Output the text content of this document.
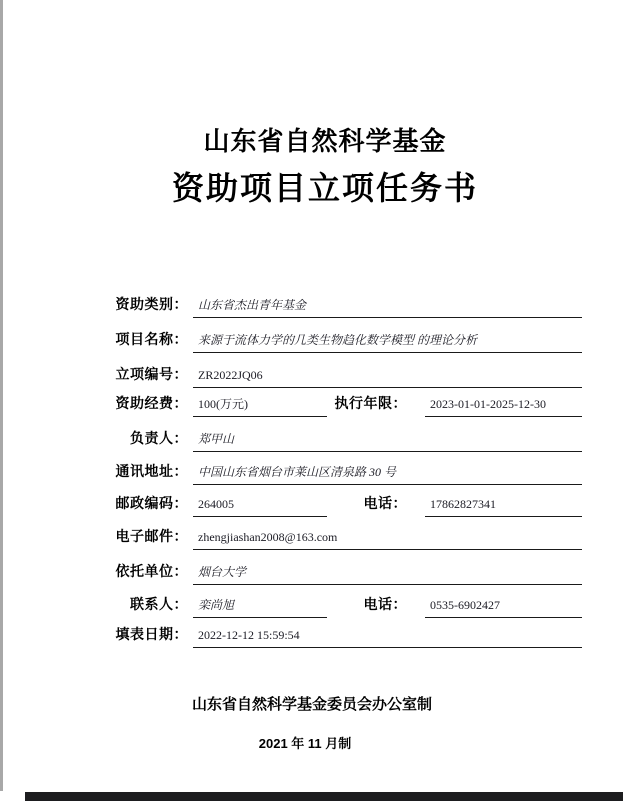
山东省自然科学基金
资助项目立项任务书
资助类别： 山东省杰出青年基金
项目名称： 来源于流体力学的几类生物趋化数学模型 的理论分析
立项编号： ZR2022JQ06
资助经费： 100(万元)	执行年限：	2023-01-01-2025-12-30
负责人： 郑甲山
通讯地址： 中国山东省烟台市莱山区清泉路 30 号
邮政编码： 264005	电话：	17862827341
电子邮件： zhengjiashan2008@163.com
依托单位： 烟台大学
联系人： 栾尚旭	电话：	0535-6902427
填表日期： 2022-12-12 15:59:54
山东省自然科学基金委员会办公室制
2021 年 11 月制
